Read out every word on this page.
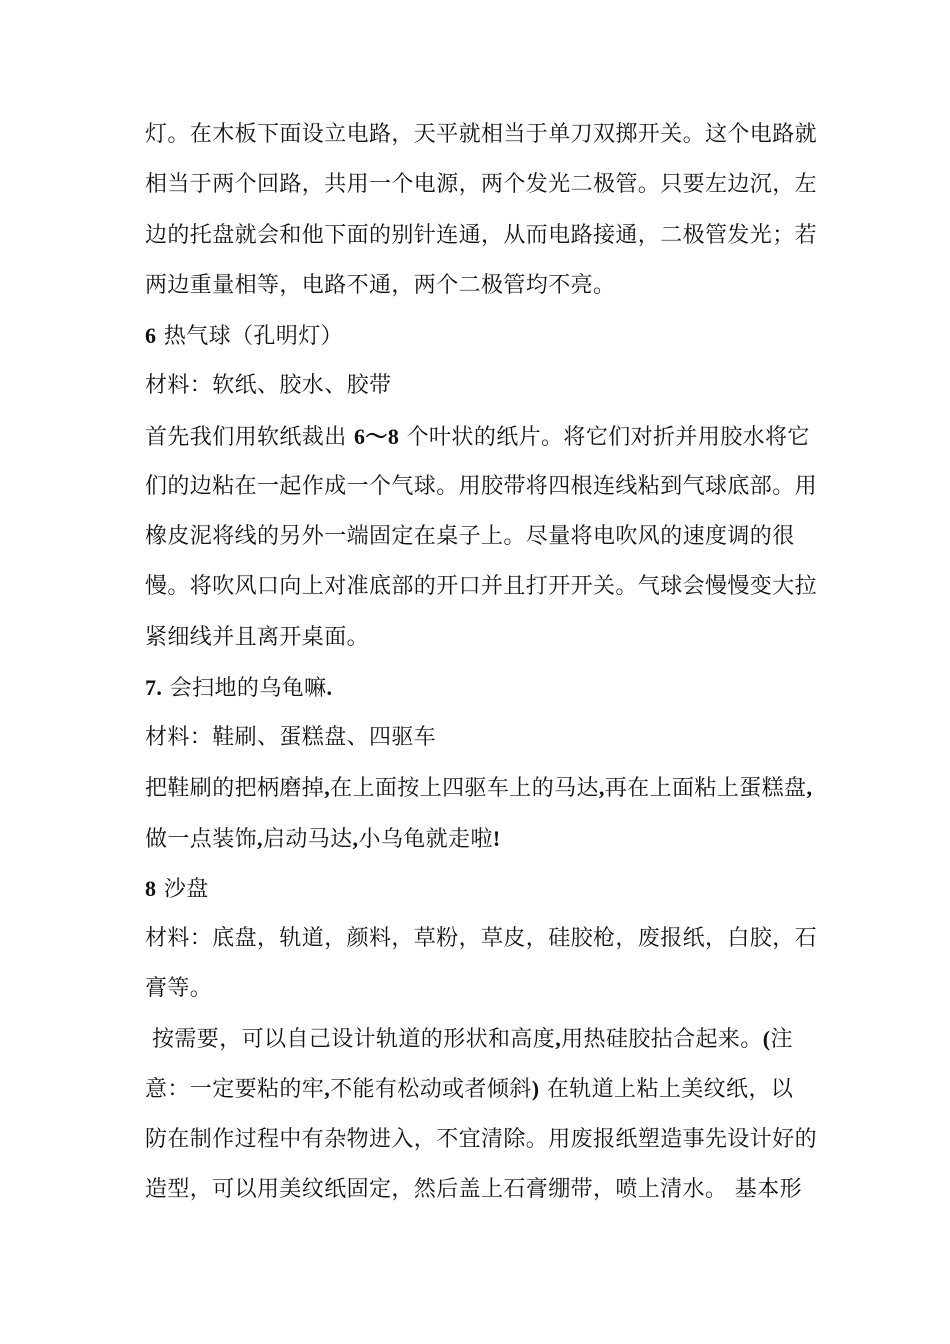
灯。在木板下面设立电路，天平就相当于单刀双掷开关。这个电路就
相当于两个回路，共用一个电源，两个发光二极管。只要左边沉，左
边的托盘就会和他下面的别针连通，从而电路接通，二极管发光；若
两边重量相等，电路不通，两个二极管均不亮。
6 热气球（孔明灯）
材料：软纸、胶水、胶带
首先我们用软纸裁出 6～8 个叶状的纸片。将它们对折并用胶水将它
们的边粘在一起作成一个气球。用胶带将四根连线粘到气球底部。用
橡皮泥将线的另外一端固定在桌子上。尽量将电吹风的速度调的很
慢。将吹风口向上对准底部的开口并且打开开关。气球会慢慢变大拉
紧细线并且离开桌面。
7. 会扫地的乌龟嘛.
材料：鞋刷、蛋糕盘、四驱车
把鞋刷的把柄磨掉,在上面按上四驱车上的马达,再在上面粘上蛋糕盘,
做一点装饰,启动马达,小乌龟就走啦!
8 沙盘
材料：底盘，轨道，颜料，草粉，草皮，硅胶枪，废报纸，白胶，石
膏等。
按需要，可以自己设计轨道的形状和高度,用热硅胶拈合起来。(注
意：一定要粘的牢,不能有松动或者倾斜) 在轨道上粘上美纹纸，以
防在制作过程中有杂物进入，不宜清除。用废报纸塑造事先设计好的
造型，可以用美纹纸固定，然后盖上石膏绷带，喷上清水。 基本形
